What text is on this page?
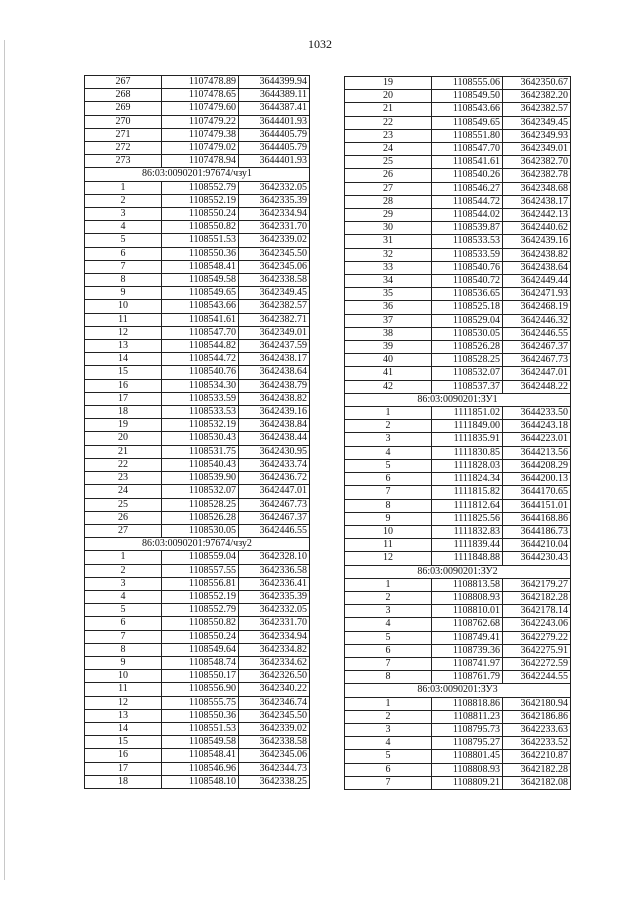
1032
267	1107478.89	3644399.94
268	1107478.65	3644389.11
269	1107479.60	3644387.41
270	1107479.22	3644401.93
271	1107479.38	3644405.79
272	1107479.02	3644405.79
273	1107478.94	3644401.93
86:03:0090201:97674/чзу1		
1	1108552.79	3642332.05
2	1108552.19	3642335.39
3	1108550.24	3642334.94
4	1108550.82	3642331.70
5	1108551.53	3642339.02
6	1108550.36	3642345.50
7	1108548.41	3642345.06
8	1108549.58	3642338.58
9	1108549.65	3642349.45
10	1108543.66	3642382.57
11	1108541.61	3642382.71
12	1108547.70	3642349.01
13	1108544.82	3642437.59
14	1108544.72	3642438.17
15	1108540.76	3642438.64
16	1108534.30	3642438.79
17	1108533.59	3642438.82
18	1108533.53	3642439.16
19	1108532.19	3642438.84
20	1108530.43	3642438.44
21	1108531.75	3642430.95
22	1108540.43	3642433.74
23	1108539.90	3642436.72
24	1108532.07	3642447.01
25	1108528.25	3642467.73
26	1108526.28	3642467.37
27	1108530.05	3642446.55
86:03:0090201:97674/чзу2		
1	1108559.04	3642328.10
2	1108557.55	3642336.58
3	1108556.81	3642336.41
4	1108552.19	3642335.39
5	1108552.79	3642332.05
6	1108550.82	3642331.70
7	1108550.24	3642334.94
8	1108549.64	3642334.82
9	1108548.74	3642334.62
10	1108550.17	3642326.50
11	1108556.90	3642340.22
12	1108555.75	3642346.74
13	1108550.36	3642345.50
14	1108551.53	3642339.02
15	1108549.58	3642338.58
16	1108548.41	3642345.06
17	1108546.96	3642344.73
18	1108548.10	3642338.25
19	1108555.06	3642350.67
20	1108549.50	3642382.20
21	1108543.66	3642382.57
22	1108549.65	3642349.45
23	1108551.80	3642349.93
24	1108547.70	3642349.01
25	1108541.61	3642382.70
26	1108540.26	3642382.78
27	1108546.27	3642348.68
28	1108544.72	3642438.17
29	1108544.02	3642442.13
30	1108539.87	3642440.62
31	1108533.53	3642439.16
32	1108533.59	3642438.82
33	1108540.76	3642438.64
34	1108540.72	3642449.44
35	1108536.65	3642471.93
36	1108525.18	3642468.19
37	1108529.04	3642446.32
38	1108530.05	3642446.55
39	1108526.28	3642467.37
40	1108528.25	3642467.73
41	1108532.07	3642447.01
42	1108537.37	3642448.22
86:03:0090201:ЗУ1		
1	1111851.02	3644233.50
2	1111849.00	3644243.18
3	1111835.91	3644223.01
4	1111830.85	3644213.56
5	1111828.03	3644208.29
6	1111824.34	3644200.13
7	1111815.82	3644170.65
8	1111812.64	3644151.01
9	1111825.56	3644168.86
10	1111832.83	3644186.73
11	1111839.44	3644210.04
12	1111848.88	3644230.43
86:03:0090201:ЗУ2		
1	1108813.58	3642179.27
2	1108808.93	3642182.28
3	1108810.01	3642178.14
4	1108762.68	3642243.06
5	1108749.41	3642279.22
6	1108739.36	3642275.91
7	1108741.97	3642272.59
8	1108761.79	3642244.55
86:03:0090201:ЗУ3		
1	1108818.86	3642180.94
2	1108811.23	3642186.86
3	1108795.73	3642233.63
4	1108795.27	3642233.52
5	1108801.45	3642210.87
6	1108808.93	3642182.28
7	1108809.21	3642182.08
